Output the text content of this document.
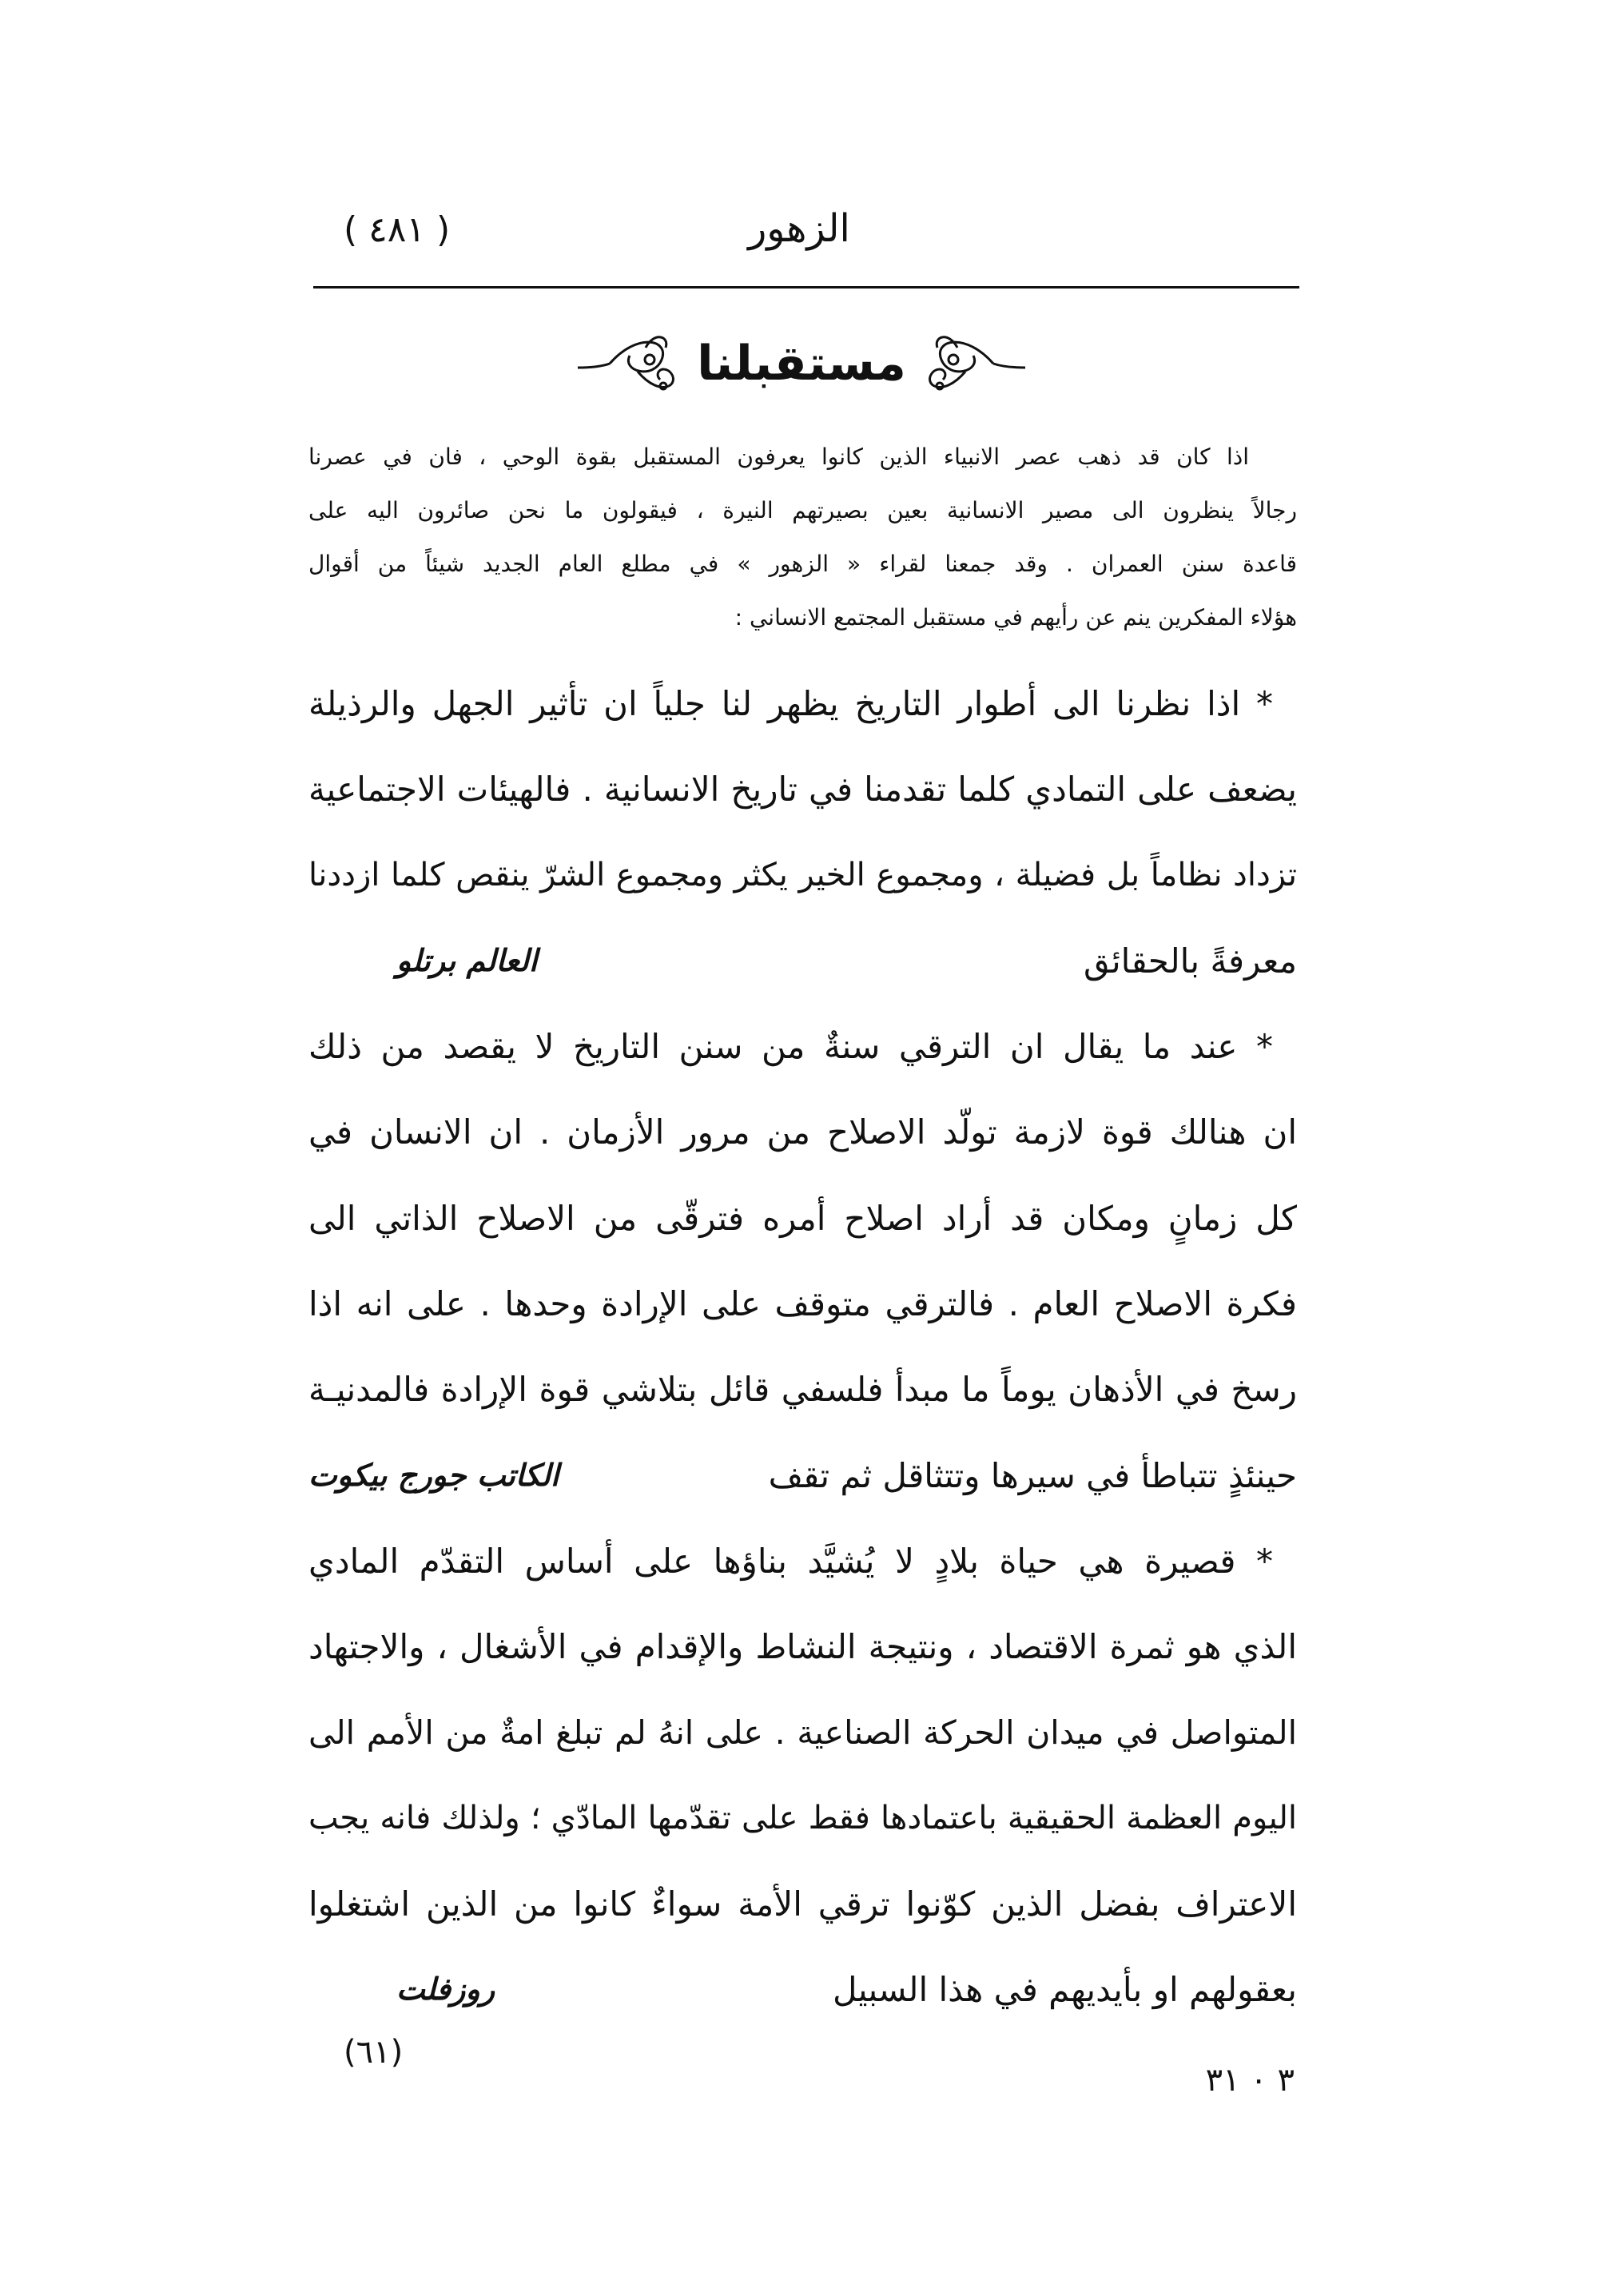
( ٤٨١ )	الزهور
مستقبلنا
اذا كان قد ذهب عصر الانبياء الذين كانوا يعرفون المستقبل بقوة الوحي ، فان في عصرنا
رجالاً ينظرون الى مصير الانسانية بعين بصيرتهم النيرة ، فيقولون ما نحن صائرون اليه على
قاعدة سنن العمران . وقد جمعنا لقراء « الزهور » في مطلع العام الجديد شيئاً من أقوال
هؤلاء المفكرين ينم عن رأيهم في مستقبل المجتمع الانساني :
* اذا نظرنا الى أطوار التاريخ يظهر لنا جلياً ان تأثير الجهل والرذيلة
يضعف على التمادي كلما تقدمنا في تاريخ الانسانية . فالهيئات الاجتماعية
تزداد نظاماً بل فضيلة ، ومجموع الخير يكثر ومجموع الشرّ ينقص كلما ازددنا
معرفةً بالحقائق
العالم برتلو
* عند ما يقال ان الترقي سنةٌ من سنن التاريخ لا يقصد من ذلك
ان هنالك قوة لازمة تولّد الاصلاح من مرور الأزمان . ان الانسان في
كل زمانٍ ومكان قد أراد اصلاح أمره فترقّى من الاصلاح الذاتي الى
فكرة الاصلاح العام . فالترقي متوقف على الإرادة وحدها . على انه اذا
رسخ في الأذهان يوماً ما مبدأ فلسفي قائل بتلاشي قوة الإرادة فالمدنيـة
حينئذٍ تتباطأ في سيرها وتتثاقل ثم تقف
الكاتب جورج بيكوت
* قصيرة هي حياة بلادٍ لا يُشيَّد بناؤها على أساس التقدّم المادي
الذي هو ثمرة الاقتصاد ، ونتيجة النشاط والإقدام في الأشغال ، والاجتهاد
المتواصل في ميدان الحركة الصناعية . على انهُ لم تبلغ امةٌ من الأمم الى
اليوم العظمة الحقيقية باعتمادها فقط على تقدّمها المادّي ؛ ولذلك فانه يجب
الاعتراف بفضل الذين كوّنوا ترقي الأمة سواءٌ كانوا من الذين اشتغلوا
بعقولهم او بأيديهم في هذا السبيل
روزفلت
(٦١)
٣ ٠ ٣١
